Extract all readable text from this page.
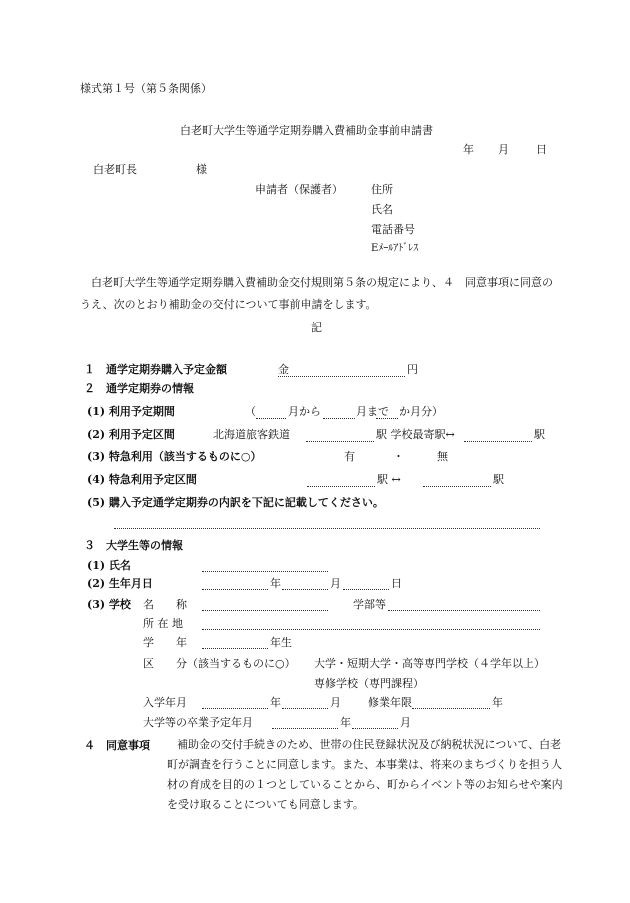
様式第１号（第５条関係）
白老町大学生等通学定期券購入費補助金事前申請書
年 月 日
白老町長	様
申請者（保護者）	住所
氏名
電話番号
Eﾒｰﾙｱﾄﾞﾚｽ
白老町大学生等通学定期券購入費補助金交付規則第５条の規定により、４　同意事項に同意のうえ、次のとおり補助金の交付について事前申請をします。
記
１　通学定期券購入予定金額	金	円
２　通学定期券の情報
(1) 利用予定期間	（	月から	月まで か月分）
(2) 利用予定区間	北海道旅客鉄道	駅 学校最寄駅↔	駅
(3) 特急利用（該当するものに○）	有	・	無
(4) 特急利用予定区間	駅 ↔	駅
(5) 購入予定通学定期券の内訳を下記に記載してください。
３　大学生等の情報
(1) 氏名
(2) 生年月日	年	月	日
(3) 学校 名　　称	学部等
所 在 地
学　　年	年生
区　　分（該当するものに○） 大学・短期大学・高等専門学校（４学年以上）
専修学校（専門課程）
入学年月	年	月 修業年限	年
大学等の卒業予定年月	年	月
４　同意事項	補助金の交付手続きのため、世帯の住民登録状況及び納税状況について、白老町が調査を行うことに同意します。また、本事業は、将来のまちづくりを担う人材の育成を目的の１つとしていることから、町からイベント等のお知らせや案内を受け取ることについても同意します。
